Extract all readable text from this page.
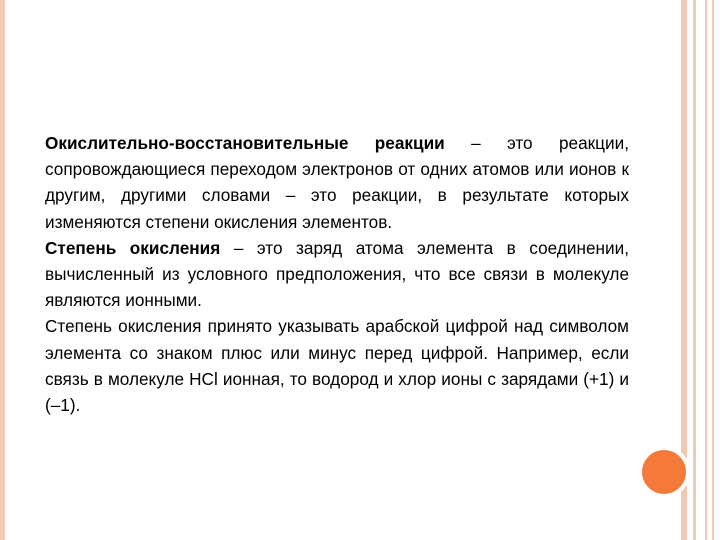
Окислительно-восстановительные реакции – это реакции, сопровождающиеся переходом электронов от одних атомов или ионов к другим, другими словами – это реакции, в результате которых изменяются степени окисления элементов.

Степень окисления – это заряд атома элемента в соединении, вычисленный из условного предположения, что все связи в молекуле являются ионными.

Степень окисления принято указывать арабской цифрой над символом элемента со знаком плюс или минус перед цифрой. Например, если связь в молекуле HCl ионная, то водород и хлор ионы с зарядами (+1) и (–1).
